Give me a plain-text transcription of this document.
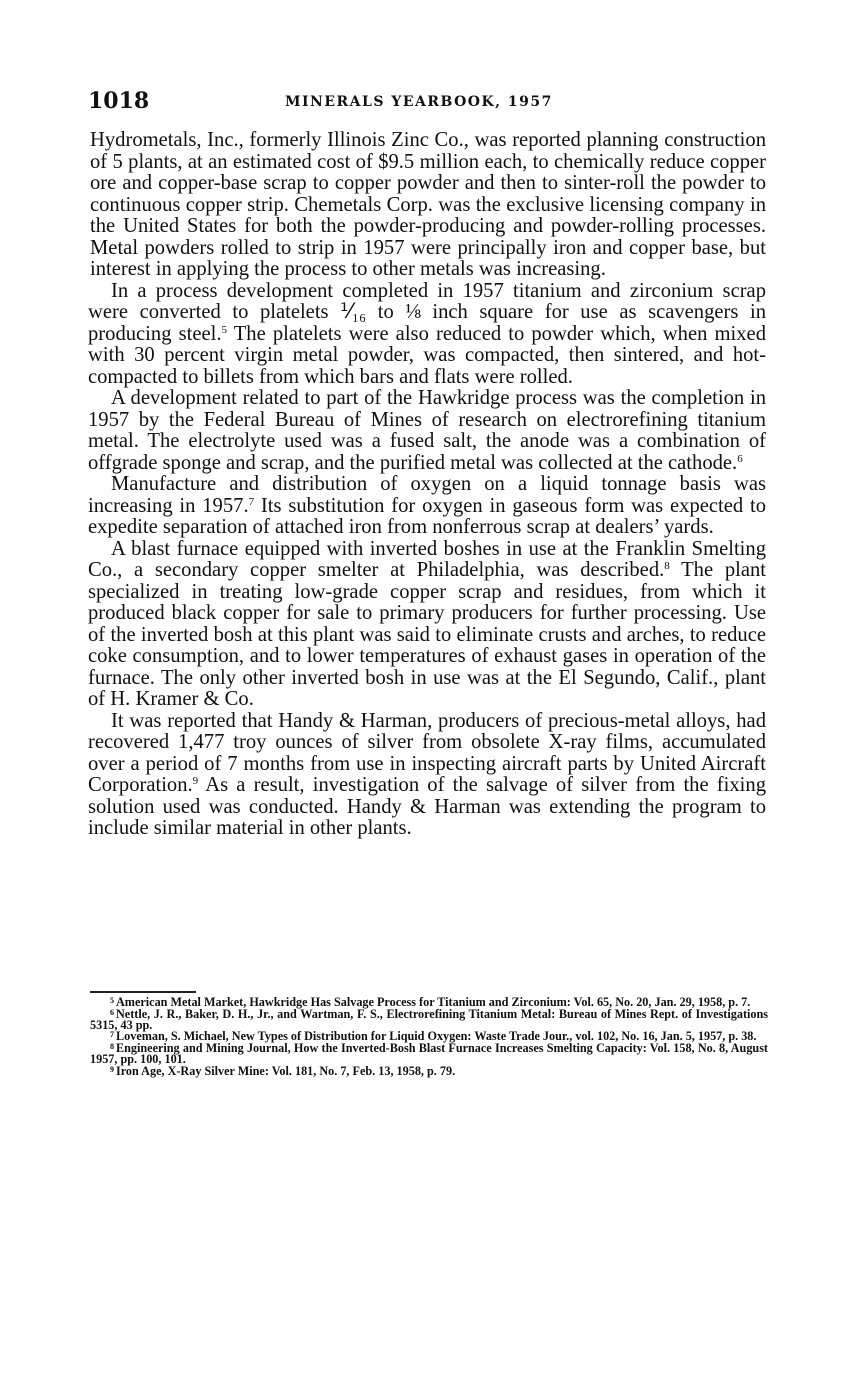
1018	MINERALS YEARBOOK, 1957

Hydrometals, Inc., formerly Illinois Zinc Co., was reported planning construction of 5 plants, at an estimated cost of $9.5 million each, to chemically reduce copper ore and copper-base scrap to copper powder and then to sinter-roll the powder to continuous copper strip. Chemetals Corp. was the exclusive licensing company in the United States for both the powder-producing and powder-rolling processes. Metal powders rolled to strip in 1957 were principally iron and copper base, but interest in applying the process to other metals was increasing.

In a process development completed in 1957 titanium and zirconium scrap were converted to platelets ⅟₁₆ to ⅛ inch square for use as scavengers in producing steel.$^5$ The platelets were also reduced to powder which, when mixed with 30 percent virgin metal powder, was compacted, then sintered, and hot-compacted to billets from which bars and flats were rolled.

A development related to part of the Hawkridge process was the completion in 1957 by the Federal Bureau of Mines of research on electrorefining titanium metal. The electrolyte used was a fused salt, the anode was a combination of offgrade sponge and scrap, and the purified metal was collected at the cathode.$^6$

Manufacture and distribution of oxygen on a liquid tonnage basis was increasing in 1957.$^7$ Its substitution for oxygen in gaseous form was expected to expedite separation of attached iron from nonferrous scrap at dealers’ yards.

A blast furnace equipped with inverted boshes in use at the Franklin Smelting Co., a secondary copper smelter at Philadelphia, was described.$^8$ The plant specialized in treating low-grade copper scrap and residues, from which it produced black copper for sale to primary producers for further processing. Use of the inverted bosh at this plant was said to eliminate crusts and arches, to reduce coke consumption, and to lower temperatures of exhaust gases in operation of the furnace. The only other inverted bosh in use was at the El Segundo, Calif., plant of H. Kramer & Co.

It was reported that Handy & Harman, producers of precious-metal alloys, had recovered 1,477 troy ounces of silver from obsolete X-ray films, accumulated over a period of 7 months from use in inspecting aircraft parts by United Aircraft Corporation.$^9$ As a result, investigation of the salvage of silver from the fixing solution used was conducted. Handy & Harman was extending the program to include similar material in other plants.

$^5$ American Metal Market, Hawkridge Has Salvage Process for Titanium and Zirconium: Vol. 65, No. 20, Jan. 29, 1958, p. 7.

$^6$ Nettle, J. R., Baker, D. H., Jr., and Wartman, F. S., Electrorefining Titanium Metal: Bureau of Mines Rept. of Investigations 5315, 43 pp.

$^7$ Loveman, S. Michael, New Types of Distribution for Liquid Oxygen: Waste Trade Jour., vol. 102, No. 16, Jan. 5, 1957, p. 38.

$^8$ Engineering and Mining Journal, How the Inverted-Bosh Blast Furnace Increases Smelting Capacity: Vol. 158, No. 8, August 1957, pp. 100, 101.

$^9$ Iron Age, X-Ray Silver Mine: Vol. 181, No. 7, Feb. 13, 1958, p. 79.
